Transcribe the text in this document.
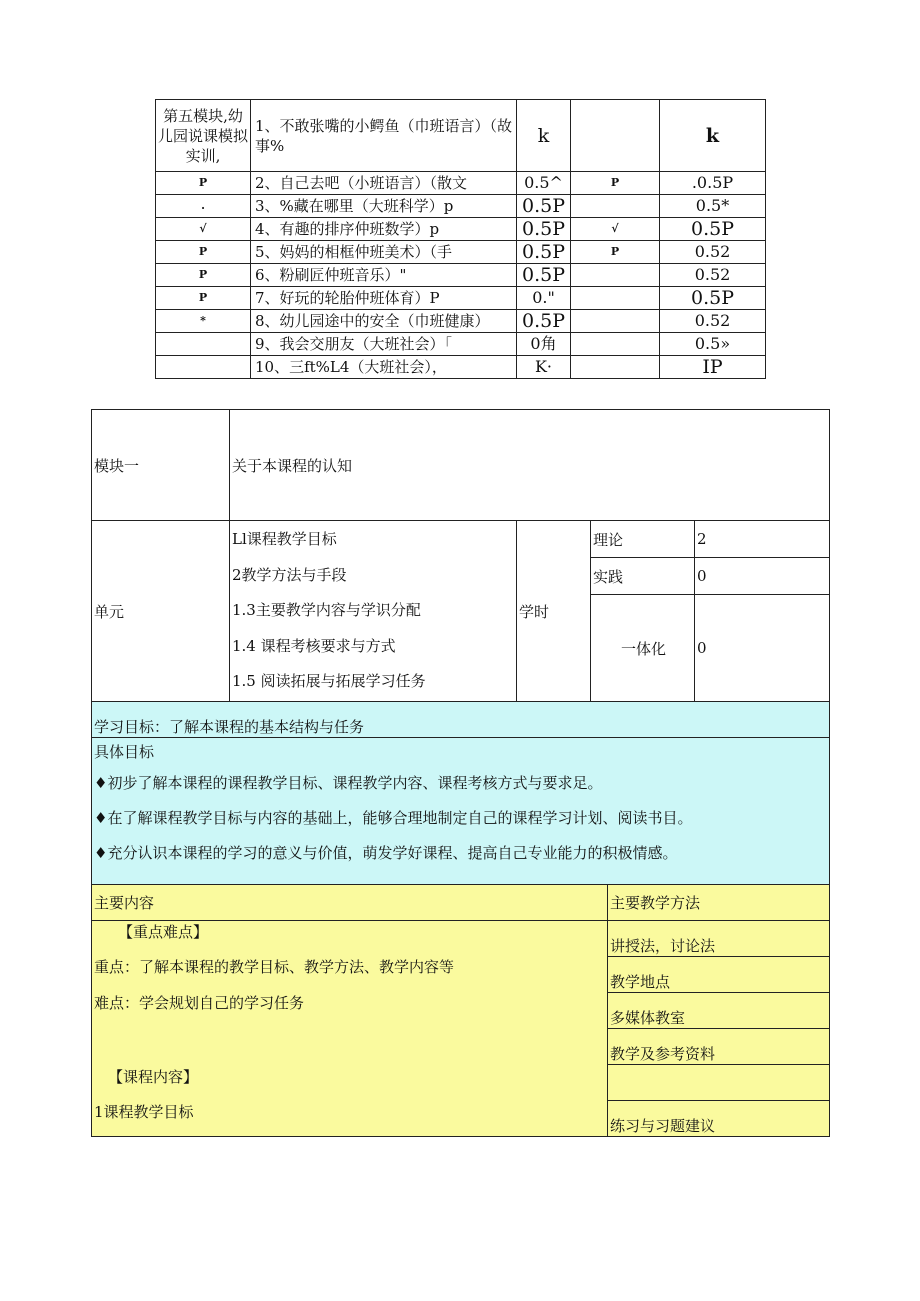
第五模块,幼儿园说课模拟实训,	1、不敢张嘴的小鳄鱼（巾班语言）（故事%	k		k
P	2、自己去吧（小班语言）（散文	0.5^	P	.0.5P
.	3、%藏在哪里（大班科学）p	0.5P		0.5*
√	4、有趣的排序仲班数学）p	0.5P	√	0.5P
P	5、妈妈的相框仲班美术）（手	0.5P	P	0.52
P	6、粉刷匠仲班音乐）"	0.5P		0.52
P	7、好玩的轮胎仲班体育）P	0."		0.5P
*	8、幼儿园途中的安全（巾班健康）	0.5P		0.52
	9、我会交朋友（大班社会）「	0角		0.5»
	10、三ft%L4（大班社会），	K·		IP
模块一	关于本课程的认知				
单元	Ll课程教学目标
2教学方法与手段
1.3主要教学内容与学识分配
1.4 课程考核要求与方式
1.5 阅读拓展与拓展学习任务	学时	理论		2
			实践		0
			一体化		0
学习目标：了解本课程的基本结构与任务					

具体目标

♦初步了解本课程的课程教学目标、课程教学内容、课程考核方式与要求足。

♦在了解课程教学目标与内容的基础上，能够合理地制定自己的课程学习计划、阅读书目。

♦充分认识本课程的学习的意义与价值，萌发学好课程、提高自己专业能力的积极情感。					

主要内容				主要教学方法	

【重点难点】

重点：了解本课程的教学目标、教学方法、教学内容等

难点：学会规划自己的学习任务

【课程内容】

1课程教学目标				讲授法，讨论法	
				教学地点	
				多媒体教室	
				教学及参考资料	

				练习与习题建议	
